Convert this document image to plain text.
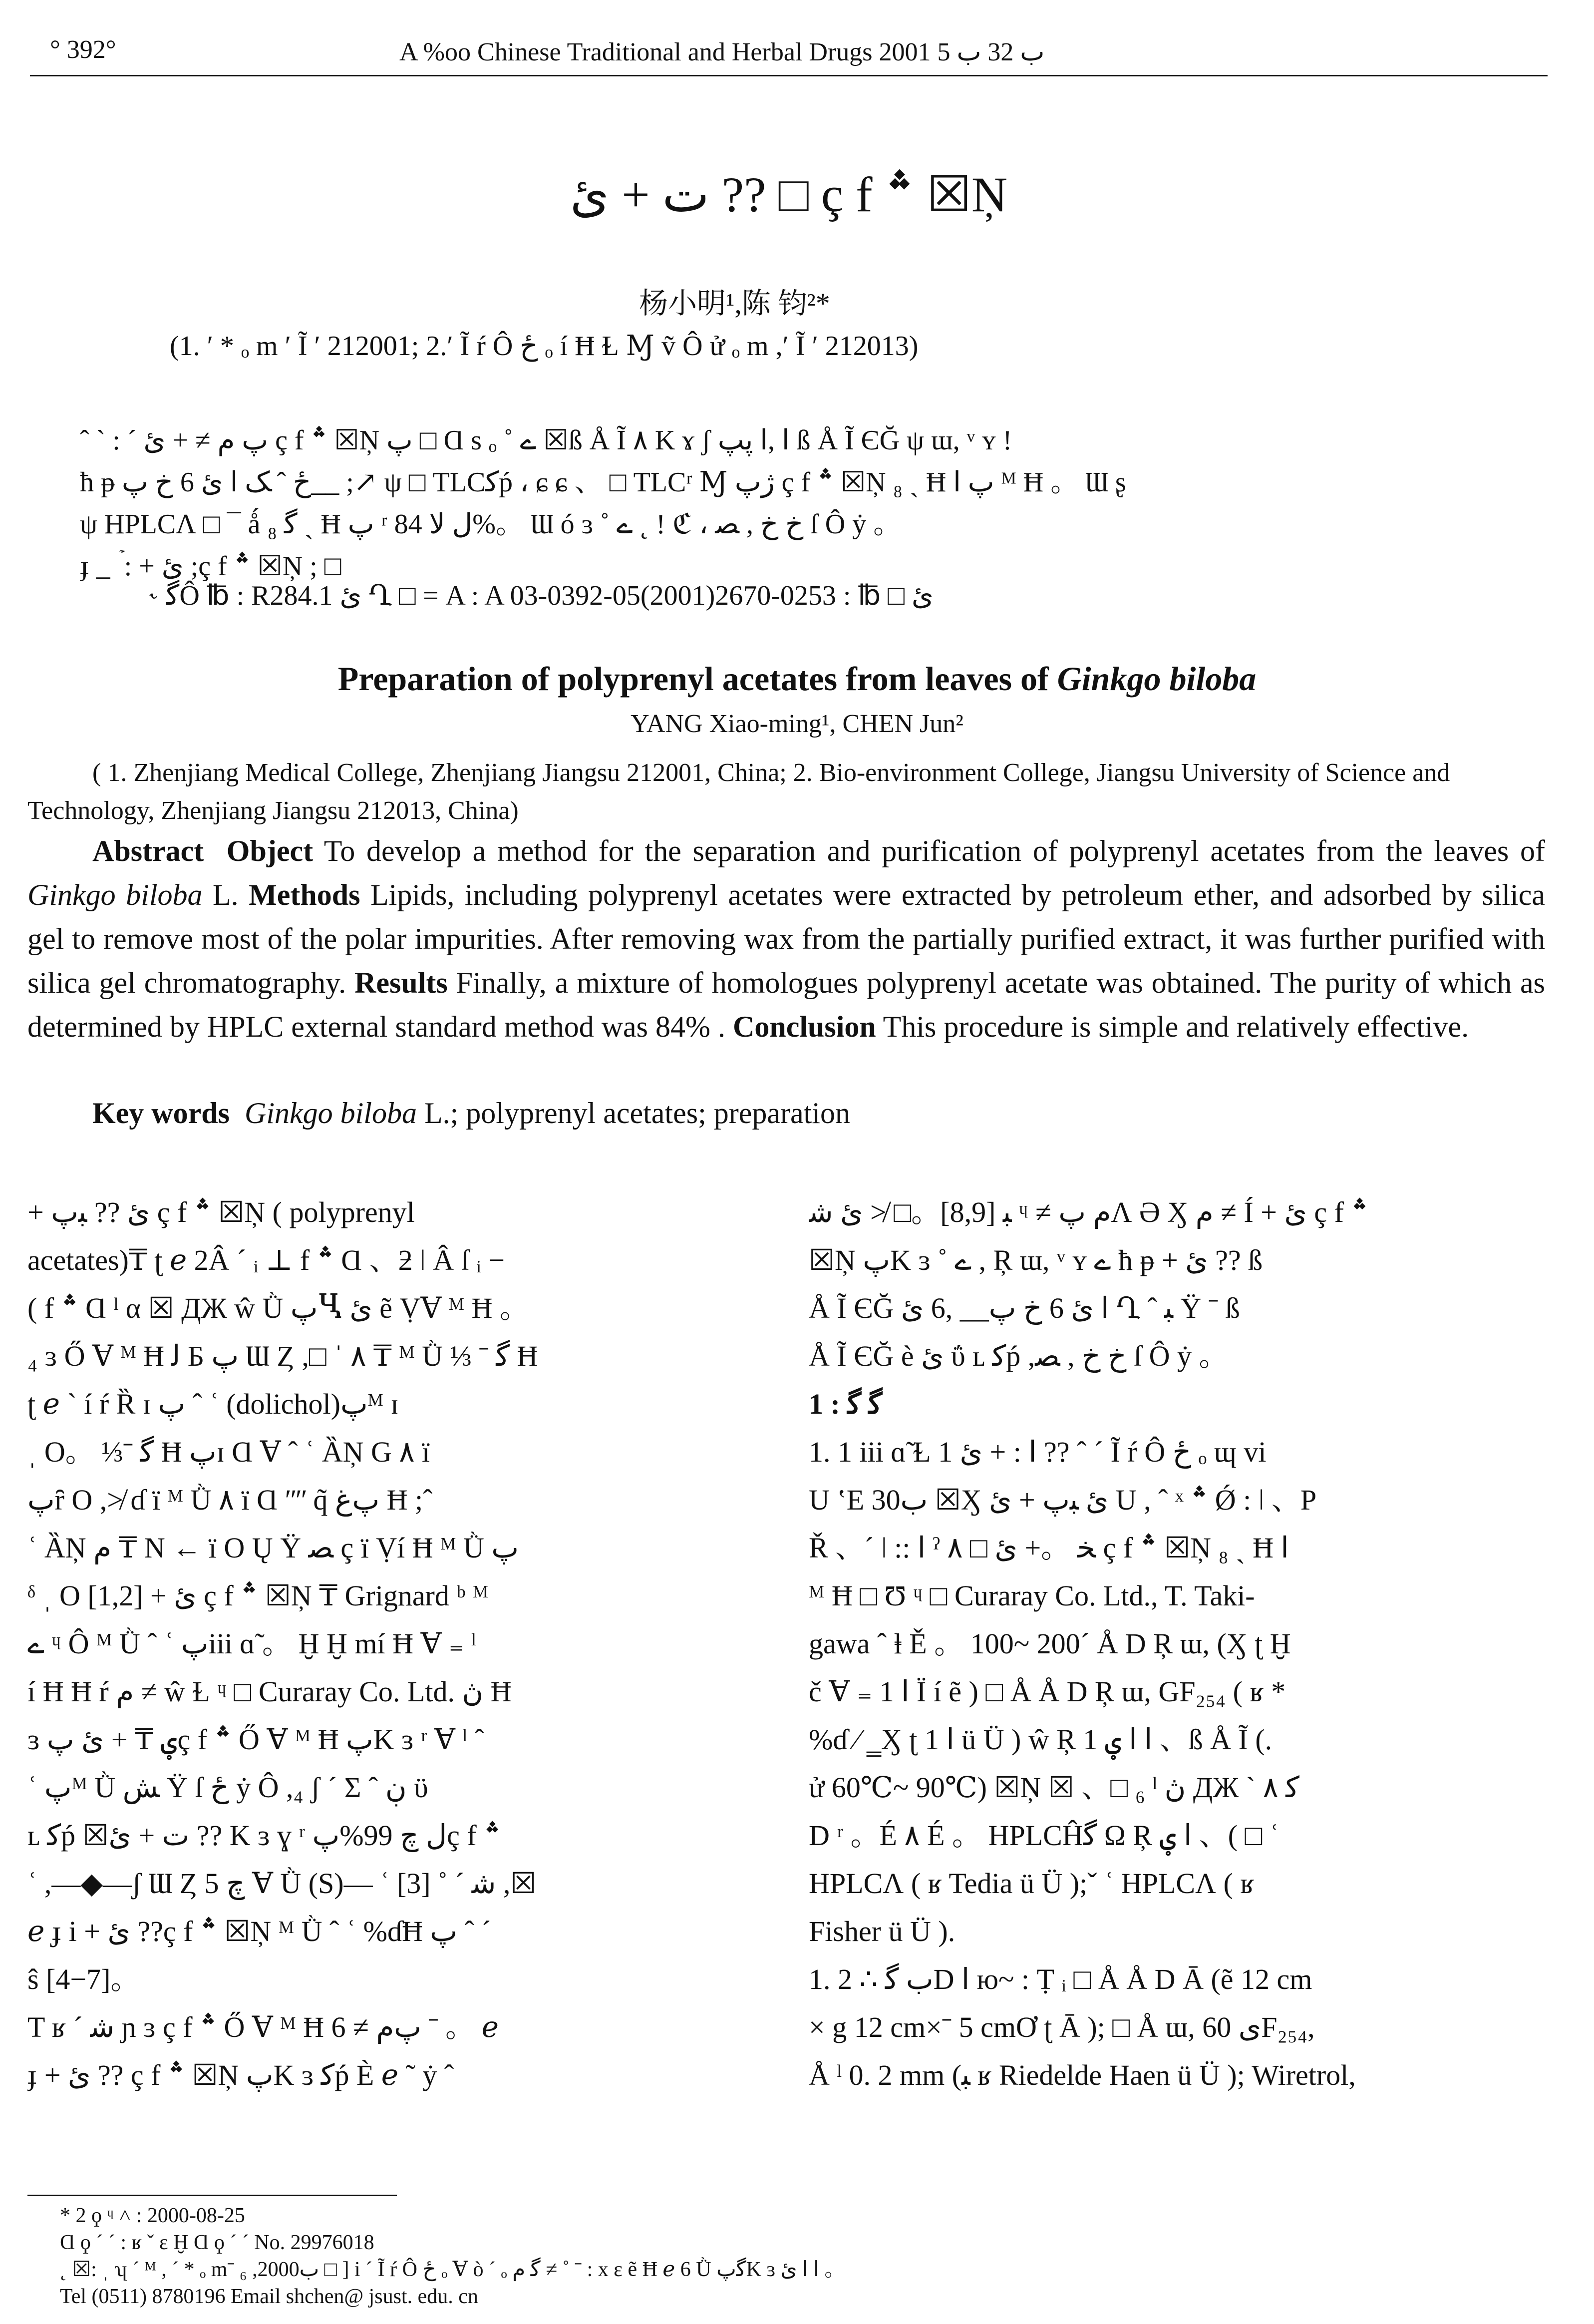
° 392°	A %oo Chinese Traditional and Herbal Drugs 2001 ب 32 ب 5
ت + ئ ?? □ ç f ؞ ☒Ņ
杨小明¹,陈 钧²*
(1. ′ * ₒ m ′ Ĩ ′ 212001; 2.′ Ĩ ŕ Ô ځ ₒ í Ħ Ɫ Ɱ ṽ Ô ử ₒ m ,′ Ĩ ′ 212013)
ˆ ˋ : ˊ پ ﻡ ≠ + ئ ç f ؞ ☒Ņ پ □ Ɑ s ₒ ˚ ے ☒ß Å Ĩ ۸ K ɤ ʃ ﺍ ,ﺍ پپ ß Å Ĩ ЄĞ ψ ɯ, ᵛ ʏ ǃ
ħ ᵽ ځ ˆ ﮏ ﺍ ئ 6 ﺥ پ__ ;↗ ψ □ TLCﮐṕ ، ɕ ɕ 、 □ TLCʳ Ɱ ژپ ç f ؞ ☒Ņ ₈ ˏ Ħ پ ﺍ ᴹ Ħ 。 Ɯ ʂ
ψ HPLCɅ □ ¯ ǻ ﮔ ₈ ˏ Ħ پ ʳ ﻝ ﻻ 84%。 Ɯ ó ɜ ˚ ے ˛ ! ℭ ، ﺥ ﺥ , ﺼ ſ Ô ẏ 。
ɟ _ ۡ : + ئ ;ç f ؞ ☒Ņ ; □
˞ ﮔÔ ℔ : R284.1 ئ Ղ □ = A : A ئ □ ℔ : 0253-2670(2001)05-0392-03
Preparation of polyprenyl acetates from leaves of Ginkgo biloba
YANG Xiao-ming¹, CHEN Jun²
( 1. Zhenjiang Medical College, Zhenjiang Jiangsu 212001, China; 2. Bio-environment College, Jiangsu University of Science and Technology, Zhenjiang Jiangsu 212013, China)
Abstract Object To develop a method for the separation and purification of polyprenyl acetates from the leaves of Ginkgo biloba L. Methods Lipids, including polyprenyl acetates were extracted by petroleum ether, and adsorbed by silica gel to remove most of the polar impurities. After removing wax from the partially purified extract, it was further purified with silica gel chromatography. Results Finally, a mixture of homologues polyprenyl acetate was obtained. The purity of which as determined by HPLC external standard method was 84% . Conclusion This procedure is simple and relatively effective.
Key words Ginkgo biloba L.; polyprenyl acetates; preparation
+ ئ ?? ﺒپ ç f ؞ ☒Ņ ( polyprenyl
acetates)₸ ʈ ℯ 2Â ˊ ᵢ ⊥ f ؞ Ɑ 、ƻ ǀ Â ſ ᵢ −
( f ؞ Ɑ ˡ α ☒ ДЖ ŵ Ǜ پႡ ئ ẽ ṾⱯ ᴹ Ħ 。
₄ ɜ Ő Ɐ ᴹ Ħ ﻟ Б پ Ɯ Ȥ ,□ ˈ ۸ ₸ ᴹ Ǜ ⅓ ˉ ﮔ Ħ
ʈ ℯ ˋ í ŕ Ȑ ɪ پ ˆ ʿ (dolichol)پᴹ ɪ
ˌ O。 ⅓ˉ ﮔ Ħ پɪ Ɑ Ɐ ˆ ʿ ȀŅ G ۸ ï
پȓ O ,≯ ɗ ï ᴹ Ǜ ۸ ï Ɑ ʺʺ q̃ پﻍ Ħ ;ˆ
ʿ ȀŅ ﻡ ₸ N ← ï O Ų Ÿ ﺼ ç ï Ṿí Ħ ᴹ Ǜ پ
ᵟ ˌ O [1,2] + ئ ç f ؞ ☒Ņ ₸ Grignard ᵇ ᴹ
ے ᶣ Ô ᴹ Ǜ ˆ ʿ پiii ɑ̃ 。 Ḫ Ḫ mí Ħ Ɐ ₌ ˡ
í Ħ Ħ ŕ ﻡ ≠ ŵ Ɫ ᶣ □ Curaray Co. Ltd. ڽ Ħ
ɜ ؠ ₸ + ئ پç f ؞ Ő Ɐ ᴹ Ħ پK ɜ ʳ Ɐ ˡ ˆ
ʿ پᴹ Ǜ ﺶ Ÿ ſ ځ ẏ Ô ,₄ ʃ ˊ Σ ˆ ڹ ϋ
ʟ ﮐṕ ☒ت + ئ ?? K ɜ ɣ ʳ ﻝ ﭺ 99%پç f ؞
ʿ ,—◆—ʃ Ɯ Ȥ ﭺ 5 Ɐ Ǜ (S)— ʿ [3] ˚ ˊ ﺷ ,☒
ℯ ɟ i + ئ ??ç f ؞ ☒Ņ ᴹ Ǜ ˆ ʿ %ɗĦ پ ˆ ˊ
ŝ [4−7]。
T ʁ ˊ ﺷ ɲ ɜ ç f ؞ Ő Ɐ ᴹ Ħ پﻡ ≠ 6 ˉ 。 ℯ
ɟ + ئ ?? ç f ؞ ☒Ņ پK ɜ ﮐṕ È ℯ ˜ ẏ ˆ
ﺒ [8,9]。□ ≯ ئ ﺷ ᶣ ≠ ﻡ پɅ Ə Ӽ ﻡ ≠ Í + ئ ç f ؞
☒Ņ پK ɜ ˚ ے , Ŗ ɯ, ᵛ ʏ ے ħ ᵽ + ئ ?? ß
Å Ĩ ЄĞ ﺍ ئ 6 ﺥ پ__ ,6 ئ Ղ ˆ ﺒ Ÿ ˉ ß
Å Ĩ ЄĞ è ئ ΰ ʟ ﮐṕ ,ﺥ ﺥ , ﺼ ſ Ô ẏ 。
1 : ﮔ ﮔ
1. 1 iii ɑ̃ Ɫ 1 ﺍ : + ئ ?? ˆ ˊ Ĩ ŕ Ô ځ ₒ ɰ vi
U ‛E 30ب ☒Ӽ ئ ﺒپ + ئ U , ˆ ˣ ؞ Ǿ : ǀ 、P
Ř 、ˊ ǀ :: ﺍ ˀ ۸ □ ﺨ 。+ ئ ç f ؞ ☒Ņ ₈ ˏ Ħ ﺍ
ᴹ Ħ □ Ʊ ᶣ □ Curaray Co. Ltd., T. Taki-
gawa ˆ ⱡ Ě 。 100~ 200ˊ Å D Ŗ ɯ, (Ӽ ʈ Ḫ
č Ɐ ₌ 1 ﺍ Ï í ẽ ) □ Å Å D Ŗ ɯ, GF₂₅₄ ( ʁ *
%ɗ ⁄ ‗Ӽ ʈ 1 ﺍ ü Ü ) ŵ Ŗ 1 ﺍ ﺍ ؠ 、ß Å Ĩ (.
ử 60℃~ 90℃) ☒Ņ ☒ 、□ ₆ ˡ ڽ ДЖ ˋ ۸ ﮐ
D ʳ 。É ۸ É 。 HPLCĤﮔ Ω Ŗ ﺍ ؠ 、( □ ʿ
HPLCɅ ( ʁ Tedia ü Ü );ˇ ʿ HPLCɅ ( ʁ
Fisher ü Ü ).
1. 2 ∴ ب ﮔD ﺍ ю~ : Ṭ ᵢ □ Å Å D Ā (ẽ 12 cm
× g 12 cm×ˉ 5 cmƠ ʈ Ā ); □ Å ɯ, ى 60F₂₅₄,
Å ˡ 0. 2 mm (ﺒ ʁ Riedelde Haen ü Ü ); Wiretrol,
* 2 ϙ ᶣ ˄ : 2000-08-25
Ɑ ϙ ˊ ˊ : ʁ ˇ ɛ Ḫ Ɑ ϙ ˊ ˊ No. 29976018
˛ ☒: ˌ ʮ ˊ ᴹ , ˊ * ₒ mˉ ₆ ,2000ب □ ] i ˊ Ĩ ŕ Ô ځ ₒ Ɐ ò ˊ ₒ ﮔ ﻡ ≠ ˚ ˉ : x ɛ ẽ Ħ ℯ 6 Ǜ ﮔپK ɜ ﺍ ﺍ ئ 。
Tel (0511) 8780196 Email shchen@ jsust. edu. cn
